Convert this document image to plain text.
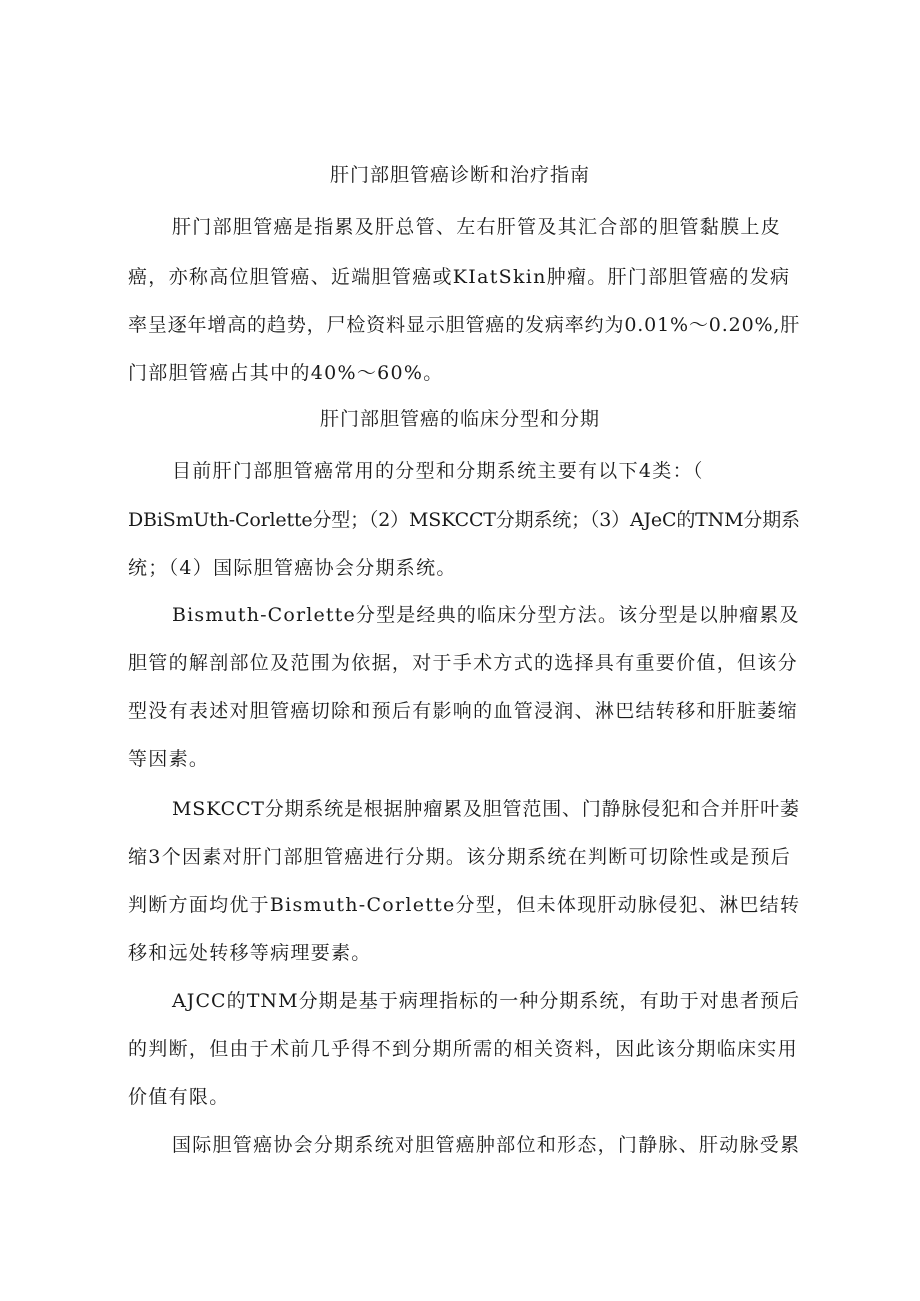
肝门部胆管癌诊断和治疗指南
肝门部胆管癌是指累及肝总管、左右肝管及其汇合部的胆管黏膜上皮
癌，亦称高位胆管癌、近端胆管癌或KIatSkin肿瘤。肝门部胆管癌的发病
率呈逐年增高的趋势，尸检资料显示胆管癌的发病率约为0.01%～0.20%,肝
门部胆管癌占其中的40%～60%。
肝门部胆管癌的临床分型和分期
目前肝门部胆管癌常用的分型和分期系统主要有以下4类：（
DBiSmUth-Corlette分型；（2）MSKCCT分期系统；（3）AJeC的TNM分期系
统；（4）国际胆管癌协会分期系统。
Bismuth-Corlette分型是经典的临床分型方法。该分型是以肿瘤累及
胆管的解剖部位及范围为依据，对于手术方式的选择具有重要价值，但该分
型没有表述对胆管癌切除和预后有影响的血管浸润、淋巴结转移和肝脏萎缩
等因素。
MSKCCT分期系统是根据肿瘤累及胆管范围、门静脉侵犯和合并肝叶萎
缩3个因素对肝门部胆管癌进行分期。该分期系统在判断可切除性或是预后
判断方面均优于Bismuth-Corlette分型，但未体现肝动脉侵犯、淋巴结转
移和远处转移等病理要素。
AJCC的TNM分期是基于病理指标的一种分期系统，有助于对患者预后
的判断，但由于术前几乎得不到分期所需的相关资料，因此该分期临床实用
价值有限。
国际胆管癌协会分期系统对胆管癌肿部位和形态，门静脉、肝动脉受累
